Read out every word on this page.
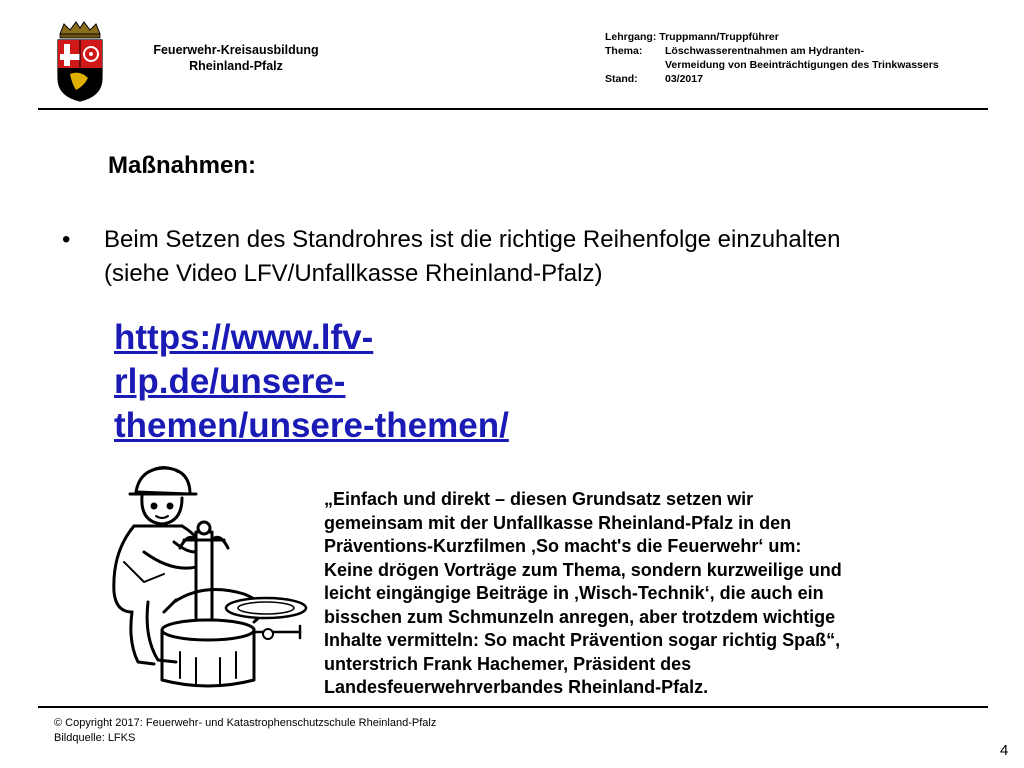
Feuerwehr-Kreisausbildung
Rheinland-Pfalz
Lehrgang: Truppmann/Truppführer
Thema: Löschwasserentnahmen am Hydranten-
Vermeidung von Beeinträchtigungen des Trinkwassers
Stand:	03/2017
Maßnahmen:
• Beim Setzen des Standrohres ist die richtige Reihenfolge einzuhalten (siehe Video LFV/Unfallkasse Rheinland-Pfalz)
https://www.lfv-
rlp.de/unsere-
themen/unsere-themen/
„Einfach und direkt – diesen Grundsatz setzen wir
gemeinsam mit der Unfallkasse Rheinland-Pfalz in den
Präventions-Kurzfilmen ‚So macht's die Feuerwehr‘ um:
Keine drögen Vorträge zum Thema, sondern kurzweilige und
leicht eingängige Beiträge in ‚Wisch-Technik‘, die auch ein
bisschen zum Schmunzeln anregen, aber trotzdem wichtige
Inhalte vermitteln: So macht Prävention sogar richtig Spaß“,
unterstrich Frank Hachemer, Präsident des
Landesfeuerwehrverbandes Rheinland-Pfalz.
© Copyright 2017: Feuerwehr- und Katastrophenschutzschule Rheinland-Pfalz
Bildquelle: LFKS
4
